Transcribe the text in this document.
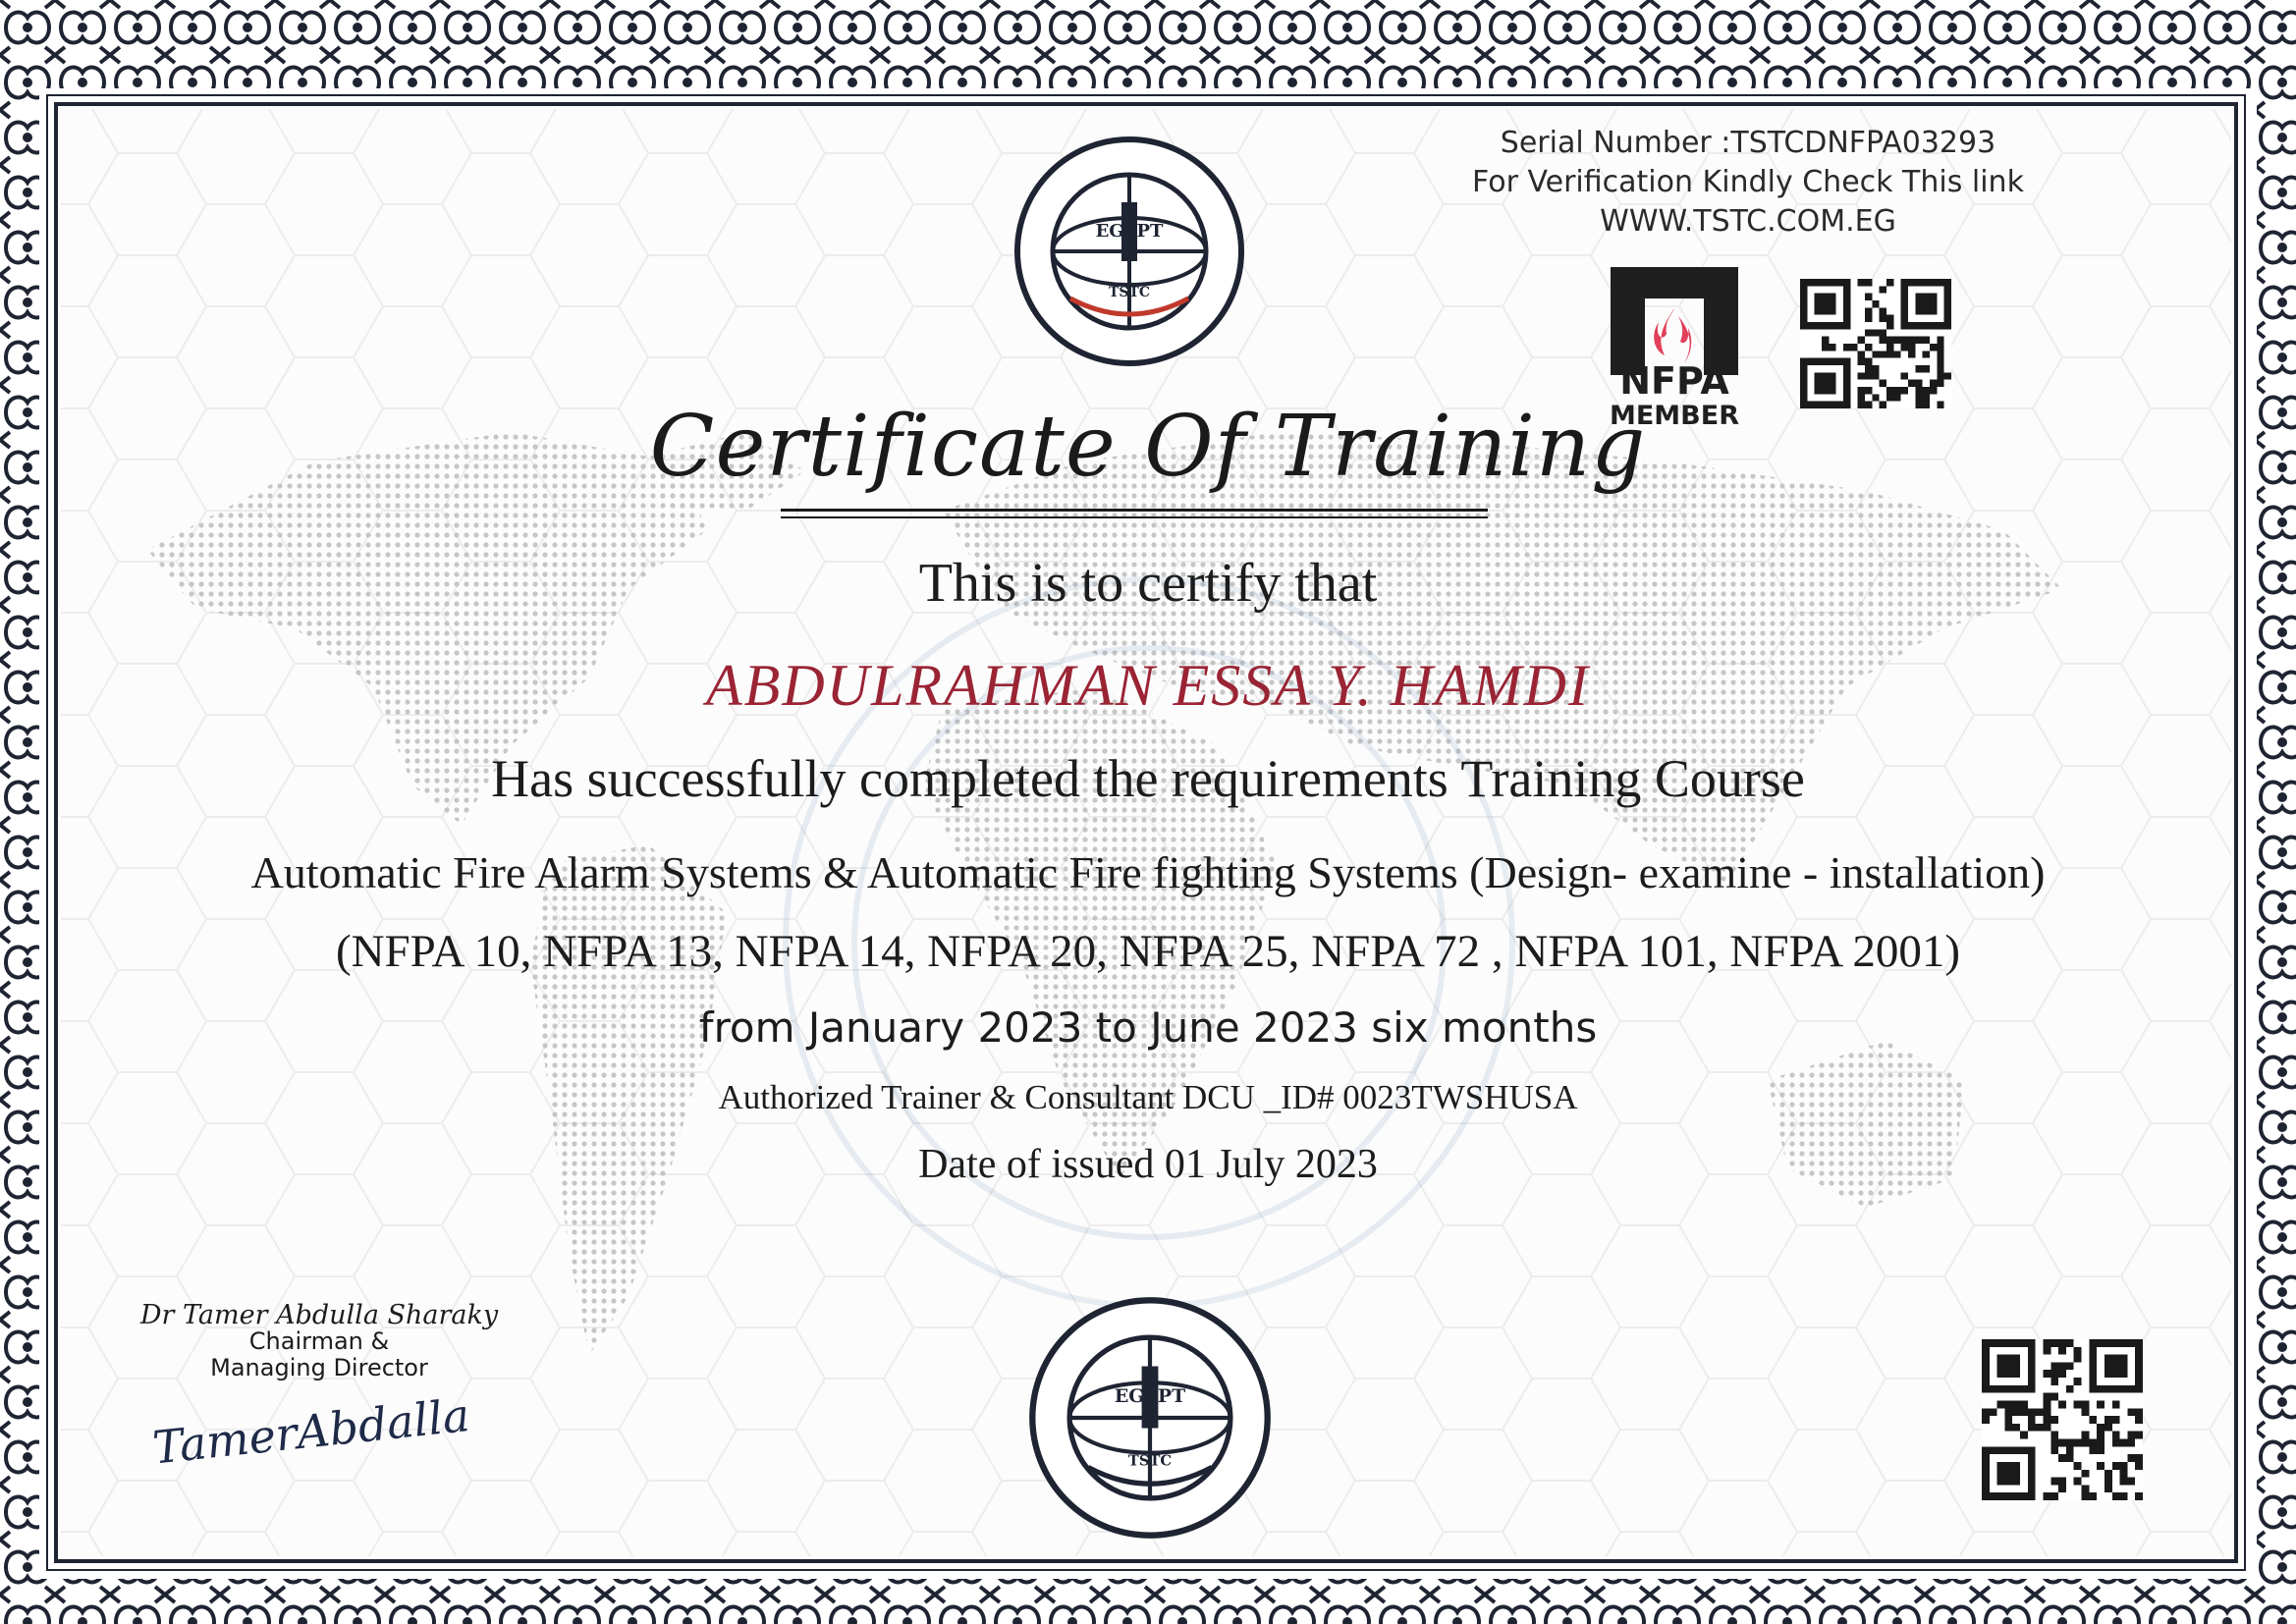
EGYPT
TSTC
Serial Number :TSTCDNFPA03293
For Verification Kindly Check This link
WWW.TSTC.COM.EG
NFPA
MEMBER
Certificate Of Training
This is to certify that
ABDULRAHMAN ESSA Y. HAMDI
Has successfully completed the requirements Training Course
Automatic Fire Alarm Systems & Automatic Fire fighting Systems (Design- examine - installation)
(NFPA 10, NFPA 13, NFPA 14, NFPA 20, NFPA 25, NFPA 72 , NFPA 101, NFPA 2001)
from January 2023 to June 2023 six months
Authorized Trainer & Consultant DCU _ID# 0023TWSHUSA
Date of issued 01 July 2023
EGYPT
TSTC
Dr Tamer Abdulla Sharaky
Chairman &
Managing Director
TamerAbdalla
